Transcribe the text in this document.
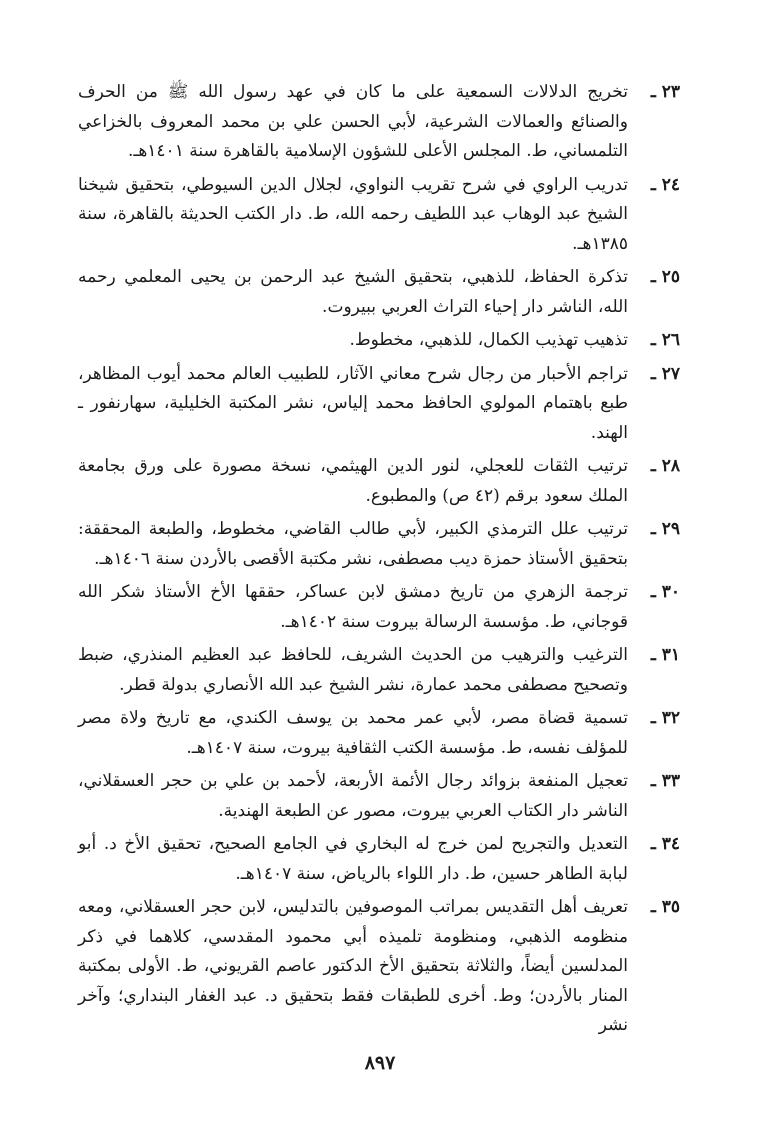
٢٣ ـ
تخريج الدلالات السمعية على ما كان في عهد رسول الله ﷺ من الحرف والصنائع والعمالات الشرعية، لأبي الحسن علي بن محمد المعروف بالخزاعي التلمساني، ط. المجلس الأعلى للشؤون الإسلامية بالقاهرة سنة ١٤٠١هـ.
٢٤ ـ
تدريب الراوي في شرح تقريب النواوي، لجلال الدين السيوطي، بتحقيق شيخنا الشيخ عبد الوهاب عبد اللطيف رحمه الله، ط. دار الكتب الحديثة بالقاهرة، سنة ١٣٨٥هـ.
٢٥ ـ
تذكرة الحفاظ، للذهبي، بتحقيق الشيخ عبد الرحمن بن يحيى المعلمي رحمه الله، الناشر دار إحياء التراث العربي ببيروت.
٢٦ ـ
تذهيب تهذيب الكمال، للذهبي، مخطوط.
٢٧ ـ
تراجم الأحبار من رجال شرح معاني الآثار، للطبيب العالم محمد أيوب المظاهر، طبع باهتمام المولوي الحافظ محمد إلياس، نشر المكتبة الخليلية، سهارنفور ـ الهند.
٢٨ ـ
ترتيب الثقات للعجلي، لنور الدين الهيثمي، نسخة مصورة على ورق بجامعة الملك سعود برقم (٤٢ ص) والمطبوع.
٢٩ ـ
ترتيب علل الترمذي الكبير، لأبي طالب القاضي، مخطوط، والطبعة المحققة: بتحقيق الأستاذ حمزة ديب مصطفى، نشر مكتبة الأقصى بالأردن سنة ١٤٠٦هـ.
٣٠ ـ
ترجمة الزهري من تاريخ دمشق لابن عساكر، حققها الأخ الأستاذ شكر الله قوجاني، ط. مؤسسة الرسالة بيروت سنة ١٤٠٢هـ.
٣١ ـ
الترغيب والترهيب من الحديث الشريف، للحافظ عبد العظيم المنذري، ضبط وتصحيح مصطفى محمد عمارة، نشر الشيخ عبد الله الأنصاري بدولة قطر.
٣٢ ـ
تسمية قضاة مصر، لأبي عمر محمد بن يوسف الكندي، مع تاريخ ولاة مصر للمؤلف نفسه، ط. مؤسسة الكتب الثقافية بيروت، سنة ١٤٠٧هـ.
٣٣ ـ
تعجيل المنفعة بزوائد رجال الأئمة الأربعة، لأحمد بن علي بن حجر العسقلاني، الناشر دار الكتاب العربي بيروت، مصور عن الطبعة الهندية.
٣٤ ـ
التعديل والتجريح لمن خرج له البخاري في الجامع الصحيح، تحقيق الأخ د. أبو لبابة الطاهر حسين، ط. دار اللواء بالرياض، سنة ١٤٠٧هـ.
٣٥ ـ
تعريف أهل التقديس بمراتب الموصوفين بالتدليس، لابن حجر العسقلاني، ومعه منظومه الذهبي، ومنظومة تلميذه أبي محمود المقدسي، كلاهما في ذكر المدلسين أيضاً، والثلاثة بتحقيق الأخ الدكتور عاصم القريوني، ط. الأولى بمكتبة المنار بالأردن؛ وط. أخرى للطبقات فقط بتحقيق د. عبد الغفار البنداري؛ وآخر نشر
٨٩٧
